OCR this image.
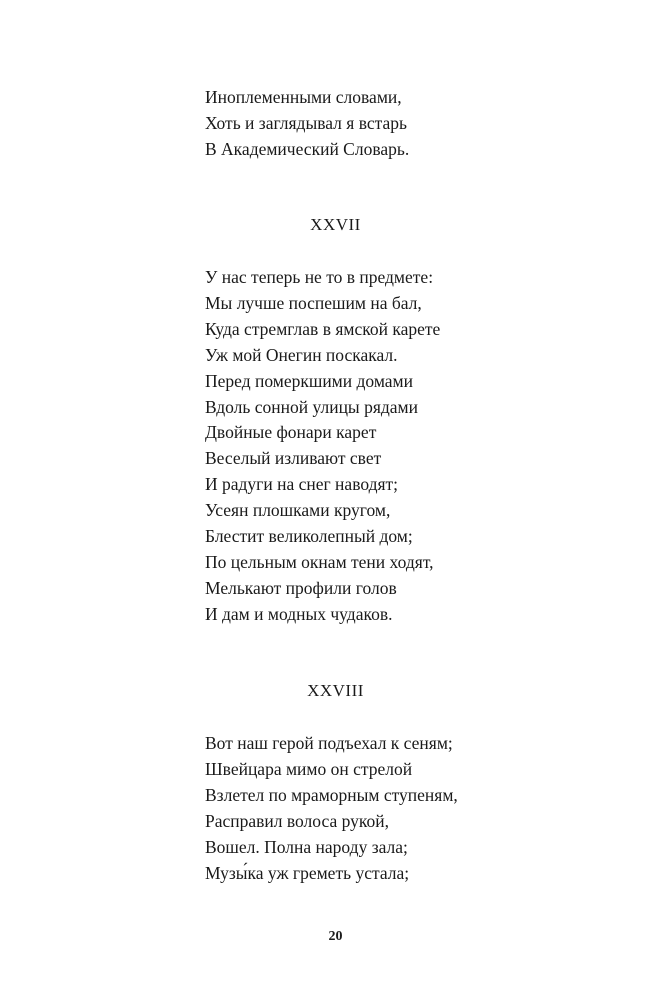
Иноплеменными словами,
Хоть и заглядывал я встарь
В Академический Словарь.
XXVII
У нас теперь не то в предмете:
Мы лучше поспешим на бал,
Куда стремглав в ямской карете
Уж мой Онегин поскакал.
Перед померкшими домами
Вдоль сонной улицы рядами
Двойные фонари карет
Веселый изливают свет
И радуги на снег наводят;
Усеян плошками кругом,
Блестит великолепный дом;
По цельным окнам тени ходят,
Мелькают профили голов
И дам и модных чудаков.
XXVIII
Вот наш герой подъехал к сеням;
Швейцара мимо он стрелой
Взлетел по мраморным ступеням,
Расправил волоса рукой,
Вошел. Полна народу зала;
Музы́ка уж греметь устала;
20
